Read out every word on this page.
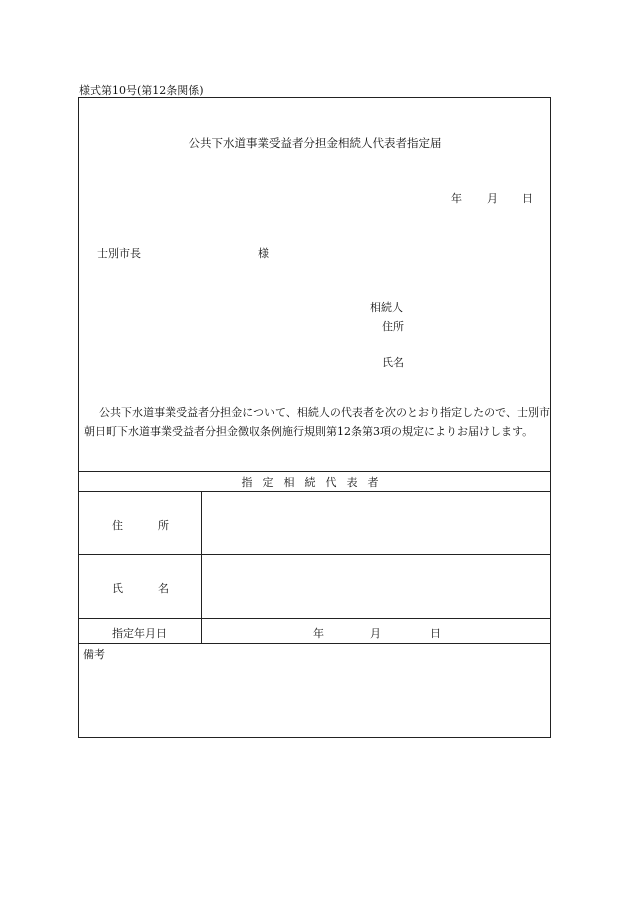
様式第10号(第12条関係)
公共下水道事業受益者分担金相続人代表者指定届
年 月 日
士別市長	様
相続人
住所
氏名
公共下水道事業受益者分担金について、相続人の代表者を次のとおり指定したので、士別市朝日町下水道事業受益者分担金徴収条例施行規則第12条第3項の規定によりお届けします。
指定相続代表者
住	所
氏	名
指定年月日	年	月	日
備考
